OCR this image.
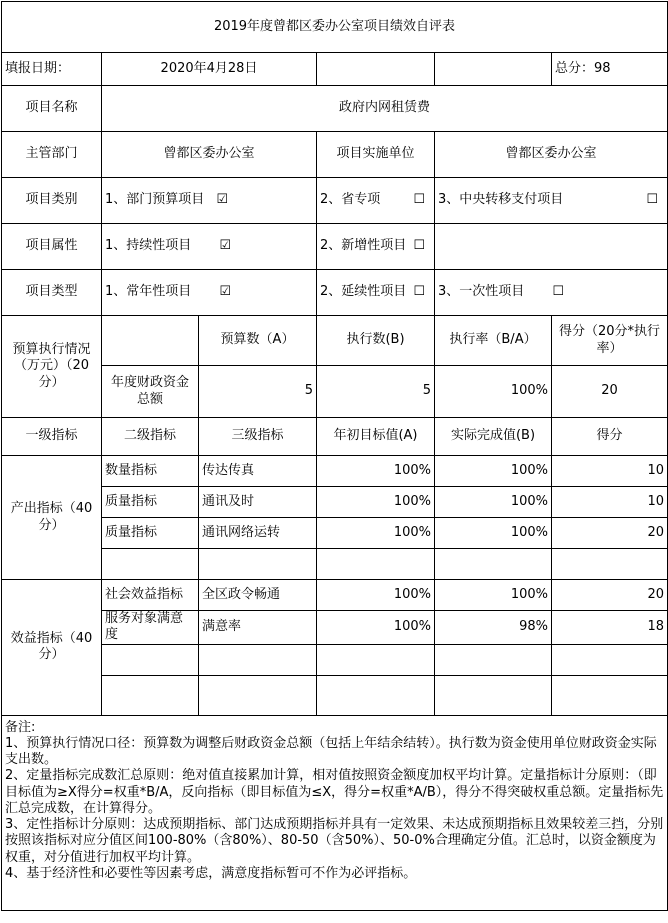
2019年度曾都区委办公室项目绩效自评表					
填报日期：	2020年4月28日				总分：98
项目名称	政府内网租赁费				
主管部门	曾都区委办公室		项目实施单位	曾都区委办公室	
项目类别	1、部门预算项目 ☑		2、省专项 ☐	3、中央转移支付项目 ☐	

项目属性	1、持续性项目 ☑		2、新增性项目 ☐		

项目类型	1、常年性项目 ☑		2、延续性项目 ☐	3、一次性项目 ☐	
预算执行情况（万元）（20分）		预算数（A）	执行数(B)	执行率（B/A）	得分（20分*执行率）
	年度财政资金总额	5	5	100%	20
一级指标	二级指标	三级指标	年初目标值(A)	实际完成值(B)	得分
产出指标（40分）	数量指标	传达传真	100%	100%	10
	质量指标	通讯及时	100%	100%	10
	质量指标	通讯网络运转	100%	100%	20

效益指标（40分）	社会效益指标	全区政令畅通	100%	100%	20
	服务对象满意度	满意率	100%	98%	18

备注:
1、预算执行情况口径：预算数为调整后财政资金总额（包括上年结余结转）。执行数为资金使用单位财政资金实际支出数。
2、定量指标完成数汇总原则：绝对值直接累加计算，相对值按照资金额度加权平均计算。定量指标计分原则：（即目标值为≥X得分=权重*B/A，反向指标（即目标值为≤X，得分=权重*A/B），得分不得突破权重总额。定量指标先汇总完成数，在计算得分。
3、定性指标计分原则：达成预期指标、部门达成预期指标并具有一定效果、未达成预期指标且效果较差三挡，分别按照该指标对应分值区间100-80%（含80%）、80-50（含50%）、50-0%合理确定分值。汇总时，以资金额度为权重，对分值进行加权平均计算。
4、基于经济性和必要性等因素考虑，满意度指标暂可不作为必评指标。					
